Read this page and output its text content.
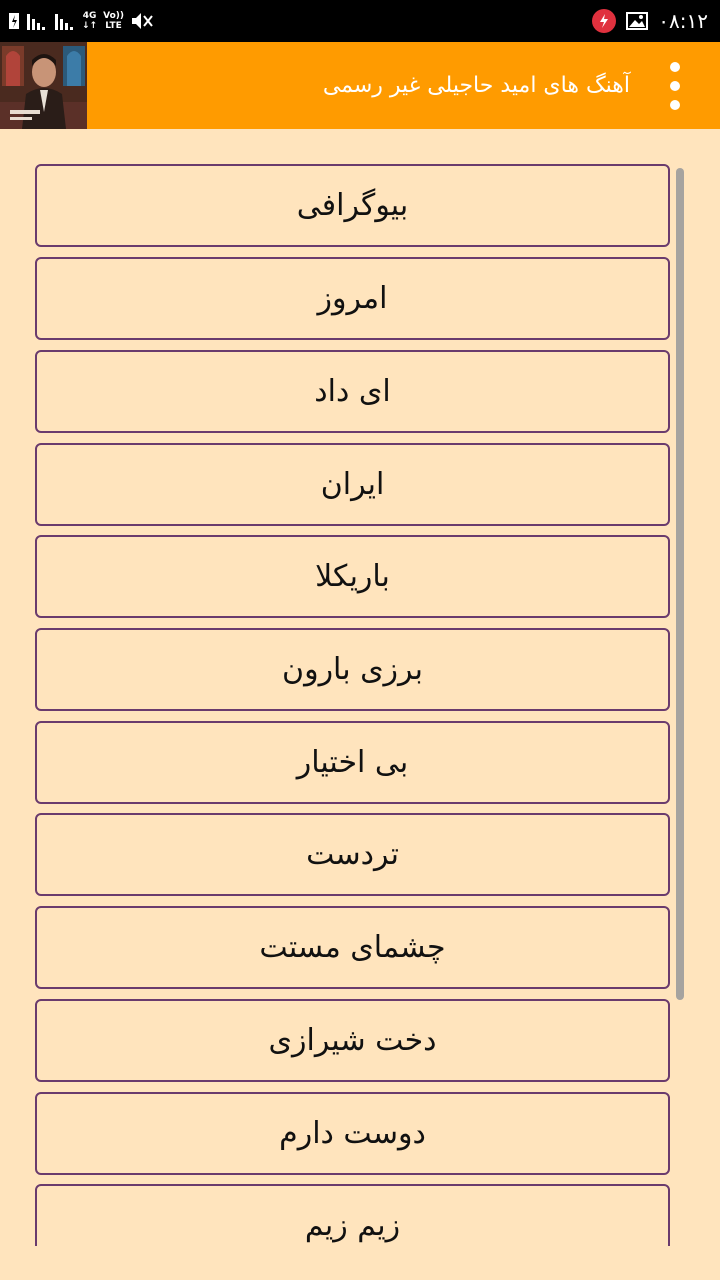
4G
↓↑
Vo))
LTE	۰۸:۱۲
آهنگ های امید حاجیلی غیر رسمی
بیوگرافی
امروز
ای داد
ایران
باریکلا
برزی بارون
بی اختیار
تردست
چشمای مستت
دخت شیرازی
دوست دارم
زیم زیم
